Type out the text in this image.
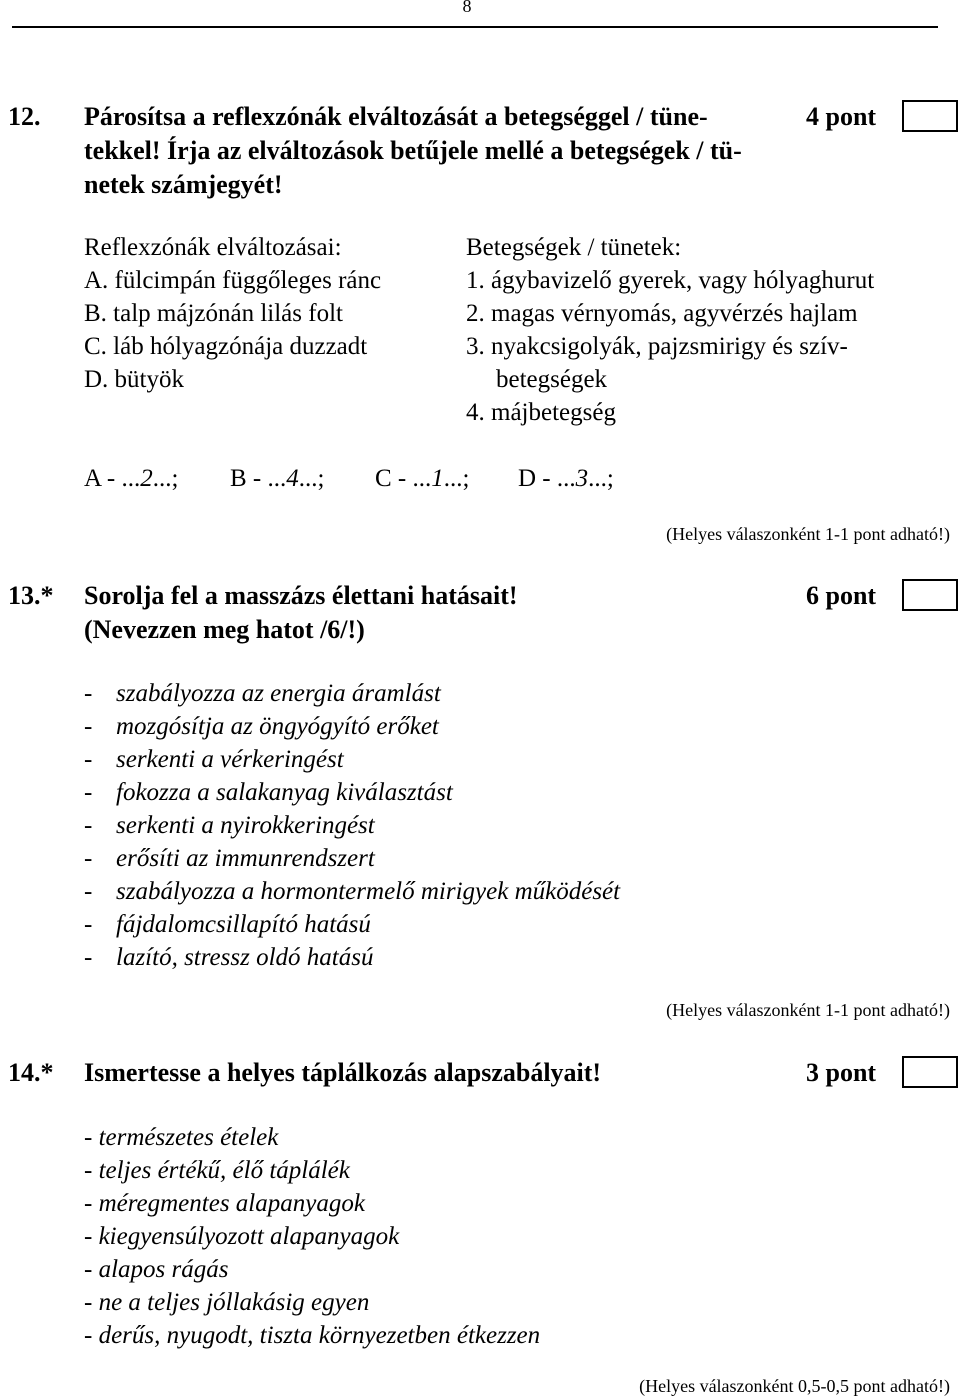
8
12. Párosítsa a reflexzónák elváltozását a betegséggel / tüne-
tekkel! Írja az elváltozások betűjele mellé a betegségek / tü-
netek számjegyét!
4 pont
Reflexzónák elváltozásai:	Betegségek / tünetek:
A. fülcimpán függőleges ránc
B. talp májzónán lilás folt
C. láb hólyagzónája duzzadt
D. bütyök
1. ágybavizelő gyerek, vagy hólyaghurut
2. magas vérnyomás, agyvérzés hajlam
3. nyakcsigolyák, pajzsmirigy és szív-
betegségek
4. májbetegség
A - ...2...; B - ...4...; C - ...1...; D - ...3...;
(Helyes válaszonként 1-1 pont adható!)
13.* Sorolja fel a masszázs élettani hatásait!
(Nevezzen meg hatot /6/!)
6 pont
- szabályozza az energia áramlást
- mozgósítja az öngyógyító erőket
- serkenti a vérkeringést
- fokozza a salakanyag kiválasztást
- serkenti a nyirokkeringést
- erősíti az immunrendszert
- szabályozza a hormontermelő mirigyek működését
- fájdalomcsillapító hatású
- lazító, stressz oldó hatású
(Helyes válaszonként 1-1 pont adható!)
14.* Ismertesse a helyes táplálkozás alapszabályait!	3 pont
- természetes ételek
- teljes értékű, élő táplálék
- méregmentes alapanyagok
- kiegyensúlyozott alapanyagok
- alapos rágás
- ne a teljes jóllakásig egyen
- derűs, nyugodt, tiszta környezetben étkezzen
(Helyes válaszonként 0,5-0,5 pont adható!)
